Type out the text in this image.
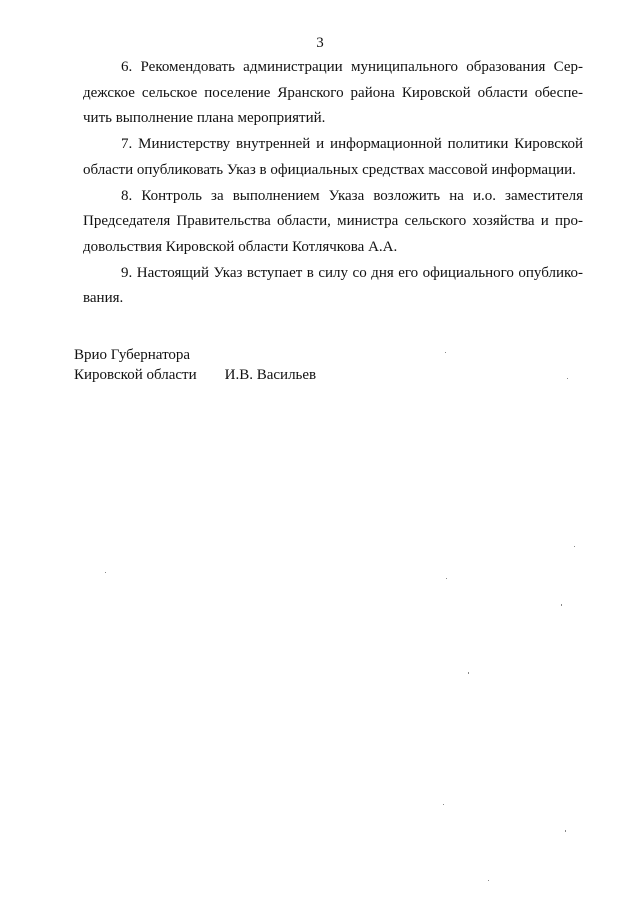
3

6. Рекомендовать администрации муниципального образования Сер-
дежское сельское поселение Яранского района Кировской области обеспе-
чить выполнение плана мероприятий.

7. Министерству внутренней и информационной политики Кировской
области опубликовать Указ в официальных средствах массовой информации.

8. Контроль за выполнением Указа возложить на и.о. заместителя
Председателя Правительства области, министра сельского хозяйства и про-
довольствия Кировской области Котлячкова А.А.

9. Настоящий Указ вступает в силу со дня его официального опублико-
вания.

Врио Губернатора
Кировской области И.В. Васильев
